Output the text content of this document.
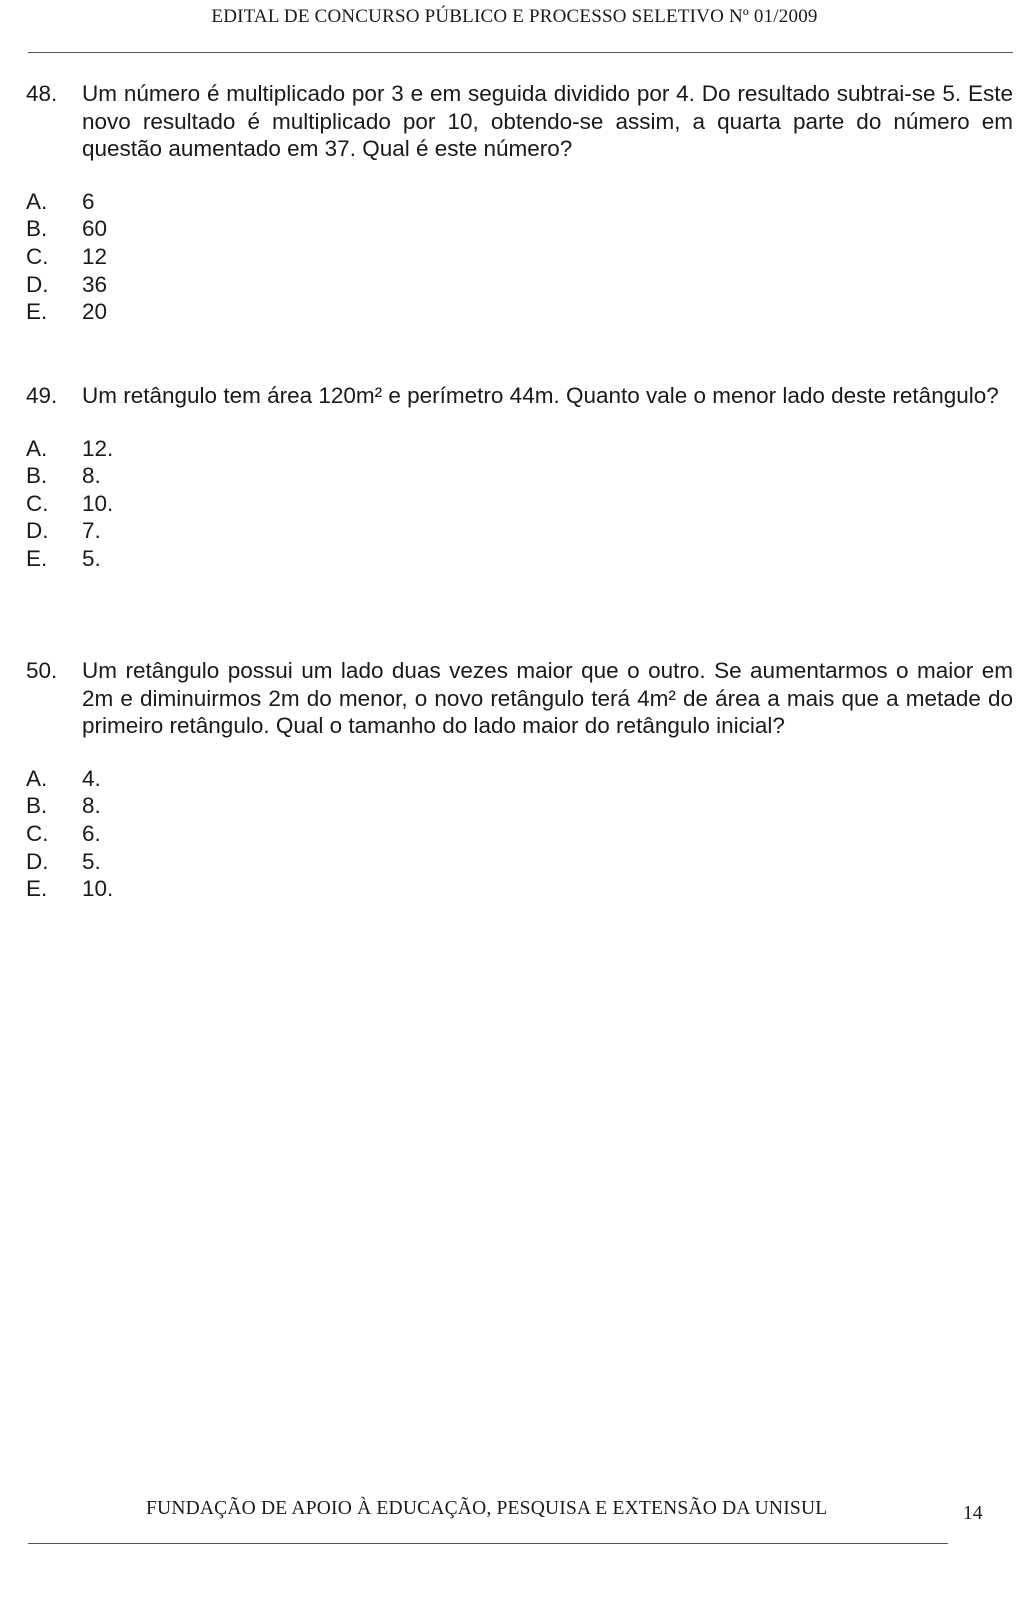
EDITAL DE CONCURSO PÚBLICO E PROCESSO SELETIVO Nº 01/2009
48. Um número é multiplicado por 3 e em seguida dividido por 4. Do resultado subtrai-se 5. Este novo resultado é multiplicado por 10, obtendo-se assim, a quarta parte do número em questão aumentado em 37. Qual é este número?
A. 6
B. 60
C. 12
D. 36
E. 20
49. Um retângulo tem área 120m² e perímetro 44m. Quanto vale o menor lado deste retângulo?
A. 12.
B. 8.
C. 10.
D. 7.
E. 5.
50. Um retângulo possui um lado duas vezes maior que o outro. Se aumentarmos o maior em 2m e diminuirmos 2m do menor, o novo retângulo terá 4m² de área a mais que a metade do primeiro retângulo. Qual o tamanho do lado maior do retângulo inicial?
A. 4.
B. 8.
C. 6.
D. 5.
E. 10.
FUNDAÇÃO DE APOIO À EDUCAÇÃO, PESQUISA E EXTENSÃO DA UNISUL	14
